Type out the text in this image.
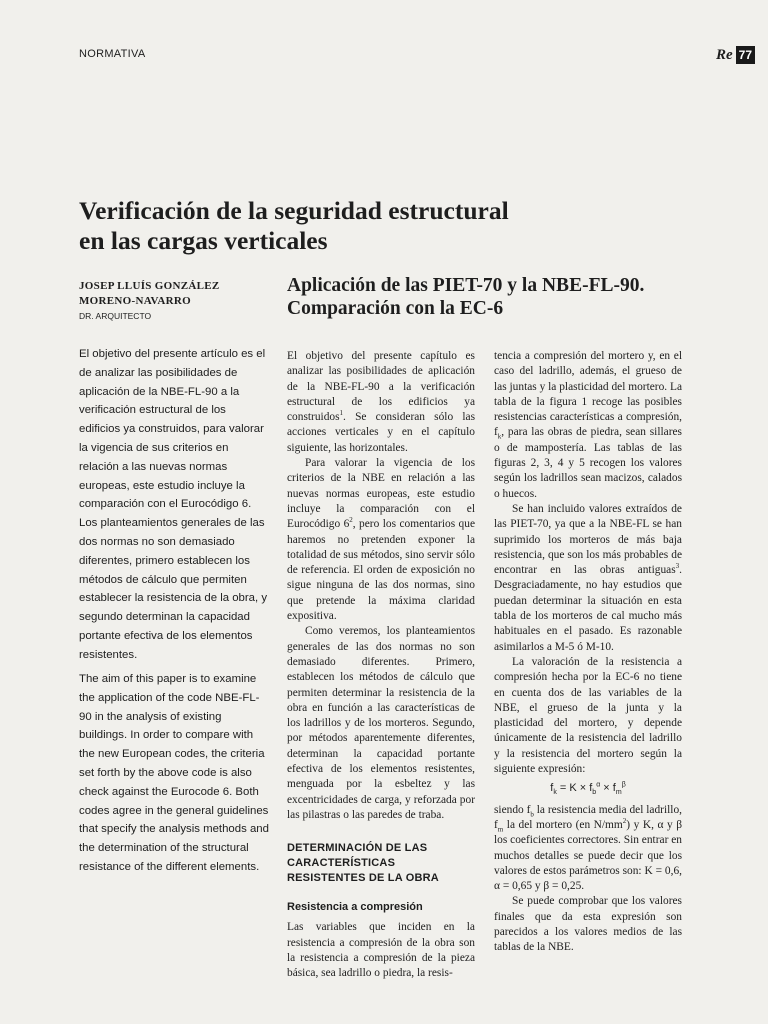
NORMATIVA	Re 77
Verificación de la seguridad estructural
en las cargas verticales
JOSEP LLUÍS GONZÁLEZ
MORENO-NAVARRO
DR. ARQUITECTO
Aplicación de las PIET-70 y la NBE-FL-90.
Comparación con la EC-6

El objetivo del presente artículo es el de analizar las posibilidades de aplicación de la NBE-FL-90 a la verificación estructural de los edificios ya construidos, para valorar la vigencia de sus criterios en relación a las nuevas normas europeas, este estudio incluye la comparación con el Eurocódigo 6. Los planteamientos generales de las dos normas no son demasiado diferentes, primero establecen los métodos de cálculo que permiten establecer la resistencia de la obra, y segundo determinan la capacidad portante efectiva de los elementos resistentes.

The aim of this paper is to examine the application of the code NBE-FL-90 in the analysis of existing buildings. In order to compare with the new European codes, the criteria set forth by the above code is also check against the Eurocode 6. Both codes agree in the general guidelines that specify the analysis methods and the determination of the structural resistance of the different elements.

El objetivo del presente capítulo es analizar las posibilidades de aplicación de la NBE-FL-90 a la verificación estructural de los edificios ya construidos$^1$. Se consideran sólo las acciones verticales y en el capítulo siguiente, las horizontales.

Para valorar la vigencia de los criterios de la NBE en relación a las nuevas normas europeas, este estudio incluye la comparación con el Eurocódigo $6^2$, pero los comentarios que haremos no pretenden exponer la totalidad de sus métodos, sino servir sólo de referencia. El orden de exposición no sigue ninguna de las dos normas, sino que pretende la máxima claridad expositiva.

Como veremos, los planteamientos generales de las dos normas no son demasiado diferentes. Primero, establecen los métodos de cálculo que permiten determinar la resistencia de la obra en función a las características de los ladrillos y de los morteros. Segundo, por métodos aparentemente diferentes, determinan la capacidad portante efectiva de los elementos resistentes, menguada por la esbeltez y las excentricidades de carga, y reforzada por las pilastras o las paredes de traba.

DETERMINACIÓN DE LAS
CARACTERÍSTICAS
RESISTENTES DE LA OBRA
Resistencia a compresión

Las variables que inciden en la resistencia a compresión de la obra son la resistencia a compresión de la pieza básica, sea ladrillo o piedra, la resis-

tencia a compresión del mortero y, en el caso del ladrillo, además, el grueso de las juntas y la plasticidad del mortero. La tabla de la figura 1 recoge las posibles resistencias características a compresión, $f_k$, para las obras de piedra, sean sillares o de mampostería. Las tablas de las figuras 2, 3, 4 y 5 recogen los valores según los ladrillos sean macizos, calados o huecos.

Se han incluido valores extraídos de las PIET-70, ya que a la NBE-FL se han suprimido los morteros de más baja resistencia, que son los más probables de encontrar en las obras antiguas$^3$. Desgraciadamente, no hay estudios que puedan determinar la situación en esta tabla de los morteros de cal mucho más habituales en el pasado. Es razonable asimilarlos a M-5 ó M-10.

La valoración de la resistencia a compresión hecha por la EC-6 no tiene en cuenta dos de las variables de la NBE, el grueso de la junta y la plasticidad del mortero, y depende únicamente de la resistencia del ladrillo y la resistencia del mortero según la siguiente expresión:

$f_k = K \times f_b^\alpha \times f_m^\beta$

siendo $f_b$ la resistencia media del ladrillo, $f_m$ la del mortero (en $N/mm^2$) y K, α y β los coeficientes correctores. Sin entrar en muchos detalles se puede decir que los valores de estos parámetros son: K = 0,6, α = 0,65 y β = 0,25.

Se puede comprobar que los valores finales que da esta expresión son parecidos a los valores medios de las tablas de la NBE.
